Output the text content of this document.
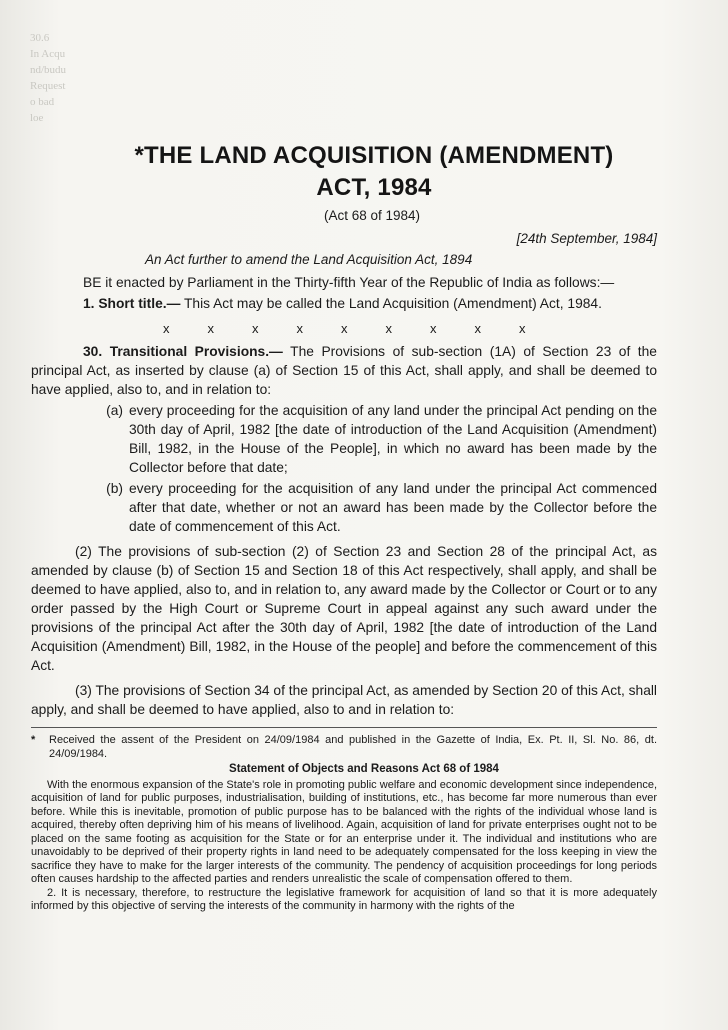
30.6
In Acqu
nd/budu
Request
o bad
loe
*THE LAND ACQUISITION (AMENDMENT)
ACT, 1984
(Act 68 of 1984)
[24th September, 1984]
An Act further to amend the Land Acquisition Act, 1894

BE it enacted by Parliament in the Thirty-fifth Year of the Republic of India as follows:—

1. Short title.— This Act may be called the Land Acquisition (Amendment) Act, 1984.

x	x	x	x	x	x	x	x	x

30. Transitional Provisions.— The Provisions of sub-section (1A) of Section 23 of the principal Act, as inserted by clause (a) of Section 15 of this Act, shall apply, and shall be deemed to have applied, also to, and in relation to:

(a) every proceeding for the acquisition of any land under the principal Act pending on the 30th day of April, 1982 [the date of introduction of the Land Acquisition (Amendment) Bill, 1982, in the House of the People], in which no award has been made by the Collector before that date;

(b) every proceeding for the acquisition of any land under the principal Act commenced after that date, whether or not an award has been made by the Collector before the date of commencement of this Act.

(2) The provisions of sub-section (2) of Section 23 and Section 28 of the principal Act, as amended by clause (b) of Section 15 and Section 18 of this Act respectively, shall apply, and shall be deemed to have applied, also to, and in relation to, any award made by the Collector or Court or to any order passed by the High Court or Supreme Court in appeal against any such award under the provisions of the principal Act after the 30th day of April, 1982 [the date of introduction of the Land Acquisition (Amendment) Bill, 1982, in the House of the people] and before the commencement of this Act.

(3) The provisions of Section 34 of the principal Act, as amended by Section 20 of this Act, shall apply, and shall be deemed to have applied, also to and in relation to:

*	Received the assent of the President on 24/09/1984 and published in the Gazette of India, Ex. Pt. II, Sl. No. 86, dt. 24/09/1984.

Statement of Objects and Reasons Act 68 of 1984

With the enormous expansion of the State's role in promoting public welfare and economic development since independence, acquisition of land for public purposes, industrialisation, building of institutions, etc., has become far more numerous than ever before. While this is inevitable, promotion of public purpose has to be balanced with the rights of the individual whose land is acquired, thereby often depriving him of his means of livelihood. Again, acquisition of land for private enterprises ought not to be placed on the same footing as acquisition for the State or for an enterprise under it. The individual and institutions who are unavoidably to be deprived of their property rights in land need to be adequately compensated for the loss keeping in view the sacrifice they have to make for the larger interests of the community. The pendency of acquisition proceedings for long periods often causes hardship to the affected parties and renders unrealistic the scale of compensation offered to them.

2. It is necessary, therefore, to restructure the legislative framework for acquisition of land so that it is more adequately informed by this objective of serving the interests of the community in harmony with the rights of the
